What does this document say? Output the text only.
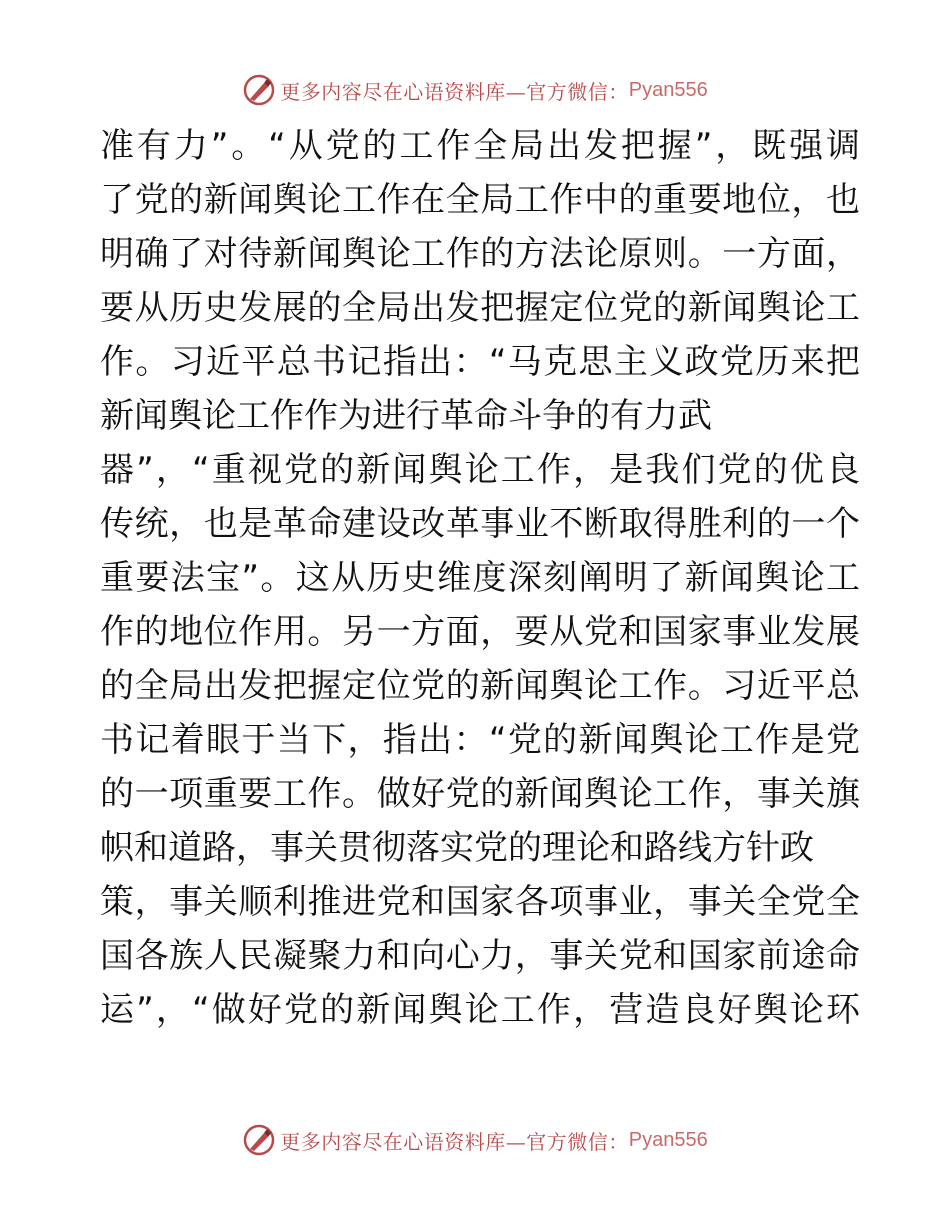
更多内容尽在心语资料库—官方微信： Pyan556
准有力”。“从党的工作全局出发把握”，既强调
了党的新闻舆论工作在全局工作中的重要地位，也
明确了对待新闻舆论工作的方法论原则。一方面，
要从历史发展的全局出发把握定位党的新闻舆论工
作。习近平总书记指出：“马克思主义政党历来把
新闻舆论工作作为进行革命斗争的有力武
器”，“重视党的新闻舆论工作，是我们党的优良
传统，也是革命建设改革事业不断取得胜利的一个
重要法宝”。这从历史维度深刻阐明了新闻舆论工
作的地位作用。另一方面，要从党和国家事业发展
的全局出发把握定位党的新闻舆论工作。习近平总
书记着眼于当下，指出：“党的新闻舆论工作是党
的一项重要工作。做好党的新闻舆论工作，事关旗
帜和道路，事关贯彻落实党的理论和路线方针政
策，事关顺利推进党和国家各项事业，事关全党全
国各族人民凝聚力和向心力，事关党和国家前途命
运”，“做好党的新闻舆论工作，营造良好舆论环
更多内容尽在心语资料库—官方微信： Pyan556
